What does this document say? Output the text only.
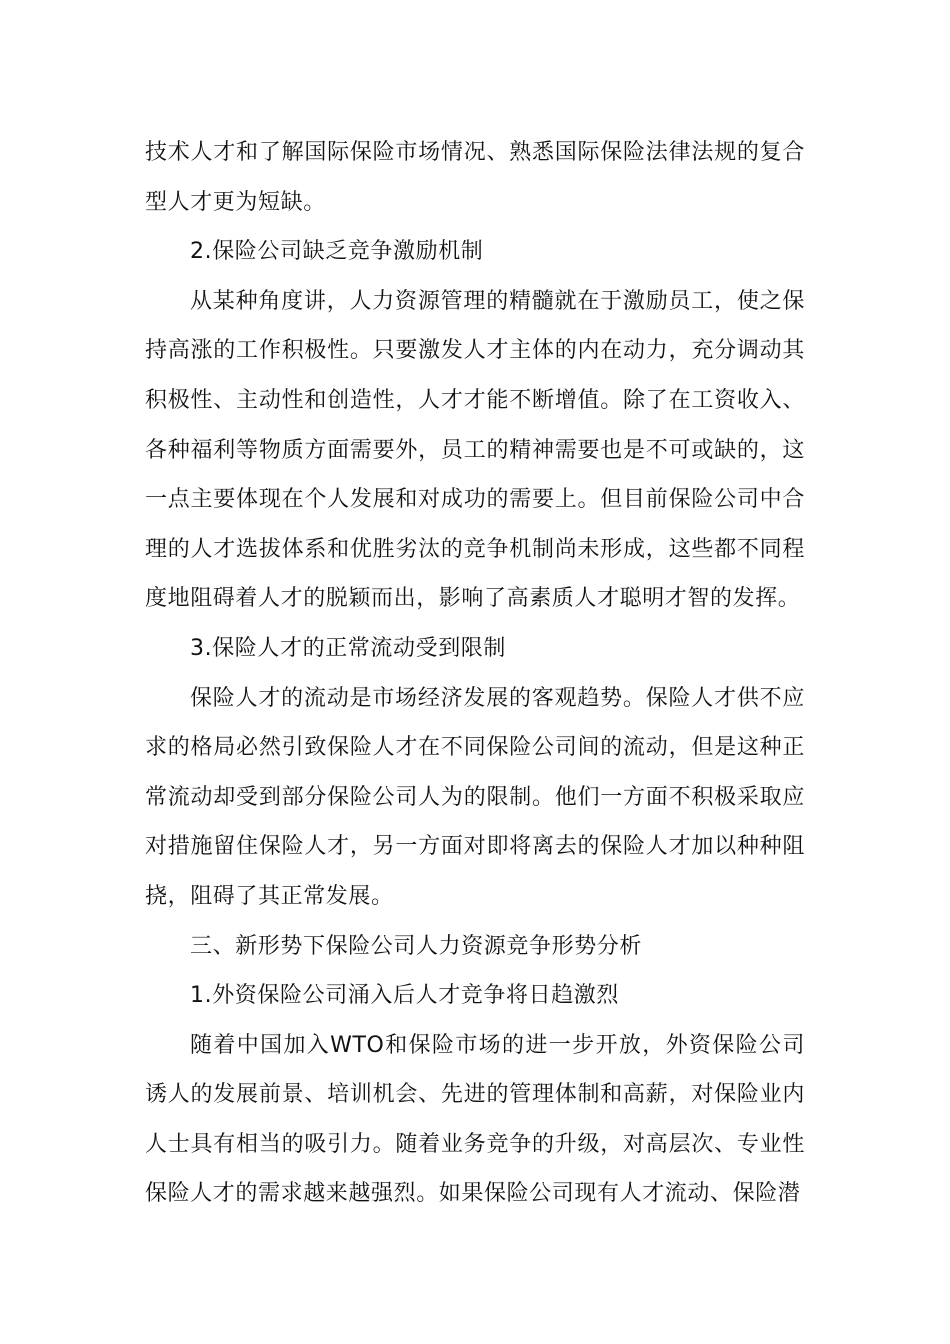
技术人才和了解国际保险市场情况、熟悉国际保险法律法规的复合型人才更为短缺。

2.保险公司缺乏竞争激励机制

从某种角度讲，人力资源管理的精髓就在于激励员工，使之保持高涨的工作积极性。只要激发人才主体的内在动力，充分调动其积极性、主动性和创造性，人才才能不断增值。除了在工资收入、各种福利等物质方面需要外，员工的精神需要也是不可或缺的，这一点主要体现在个人发展和对成功的需要上。但目前保险公司中合理的人才选拔体系和优胜劣汰的竞争机制尚未形成，这些都不同程度地阻碍着人才的脱颖而出，影响了高素质人才聪明才智的发挥。

3.保险人才的正常流动受到限制

保险人才的流动是市场经济发展的客观趋势。保险人才供不应求的格局必然引致保险人才在不同保险公司间的流动，但是这种正常流动却受到部分保险公司人为的限制。他们一方面不积极采取应对措施留住保险人才，另一方面对即将离去的保险人才加以种种阻挠，阻碍了其正常发展。

三、新形势下保险公司人力资源竞争形势分析

1.外资保险公司涌入后人才竞争将日趋激烈

随着中国加入WTO和保险市场的进一步开放，外资保险公司诱人的发展前景、培训机会、先进的管理体制和高薪，对保险业内人士具有相当的吸引力。随着业务竞争的升级，对高层次、专业性保险人才的需求越来越强烈。如果保险公司现有人才流动、保险潜
